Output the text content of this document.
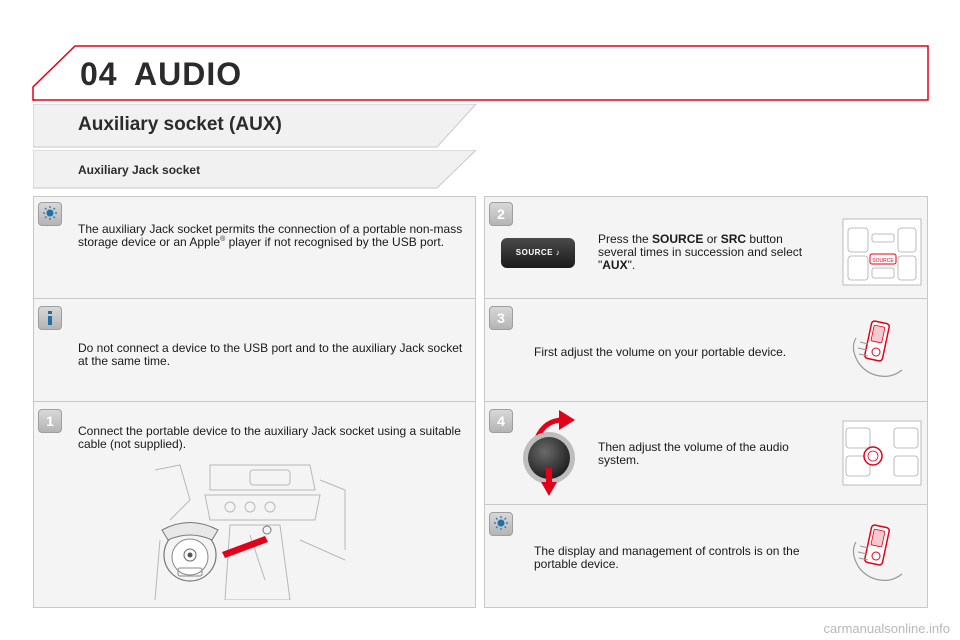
04 AUDIO
Auxiliary socket (AUX)
Auxiliary Jack socket
The auxiliary Jack socket permits the connection of a portable non-mass storage device or an Apple® player if not recognised by the USB port.
Do not connect a device to the USB port and to the auxiliary Jack socket at the same time.
1
Connect the portable device to the auxiliary Jack socket using a suitable cable (not supplied).
2
SOURCE ♪
Press the SOURCE or SRC button several times in succession and select "AUX".	SOURCE
3
First adjust the volume on your portable device.
4
Then adjust the volume of the audio system.
The display and management of controls is on the portable device.
carmanualsonline.info
